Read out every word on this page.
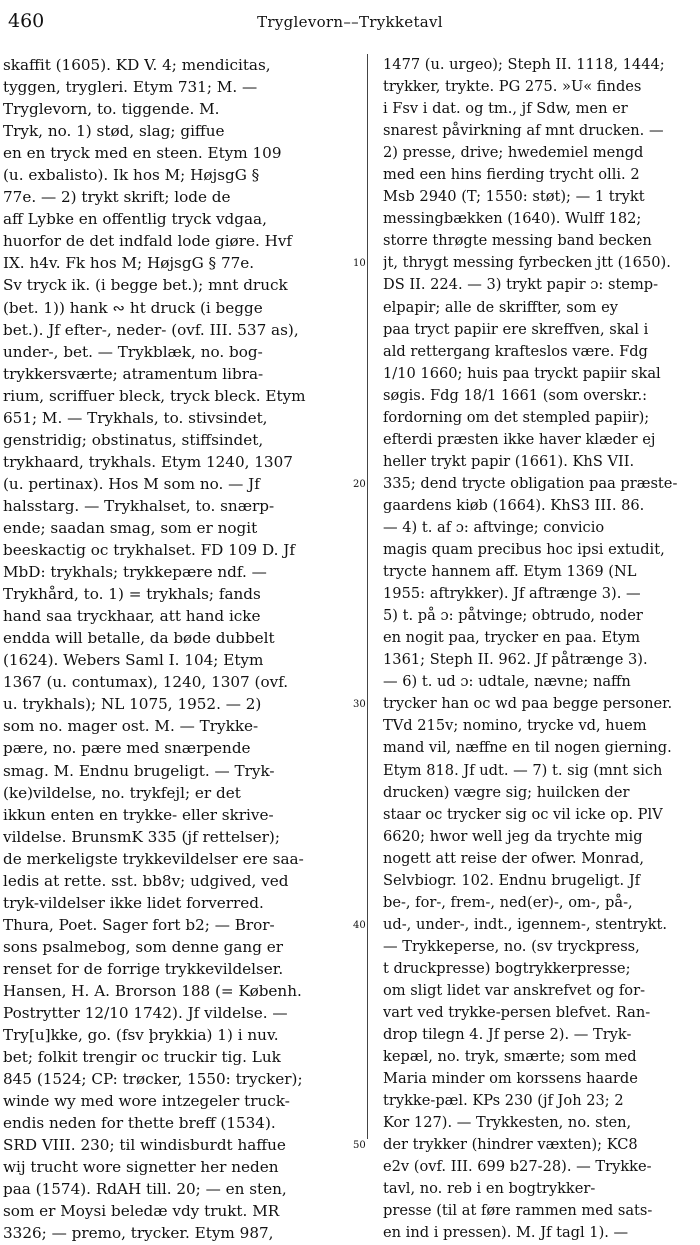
460	Tryglevorn––Trykketavl
skaffit (1605). KD V. 4; mendicitas,
tyggen, trygleri. Etym 731; M. —
Tryglevorn, to. tiggende. M.
Tryk, no. 1) stød, slag; giffue
en en tryck med en steen. Etym 109
(u. exbalisto). Ik hos M; HøjsgG §
77e. — 2) trykt skrift; lode de
aff Lybke en offentlig tryck vdgaa,
huorfor de det indfald lode giøre. Hvf
IX. h4v. Fk hos M; HøjsgG § 77e.
Sv tryck ik. (i begge bet.); mnt druck
(bet. 1)) hank ∾ ht druck (i begge
bet.). Jf efter-, neder- (ovf. III. 537 as),
under-, bet. — Trykblæk, no. bog-
trykkersværte; atramentum libra-
rium, scriffuer bleck, tryck bleck. Etym
651; M. — Trykhals, to. stivsindet,
genstridig; obstinatus, stiffsindet,
trykhaard, trykhals. Etym 1240, 1307
(u. pertinax). Hos M som no. — Jf
halsstarg. — Trykhalset, to. snærp-
ende; saadan smag, som er nogit
beeskactig oc trykhalset. FD 109 D. Jf
MbD: trykhals; trykkepære ndf. —
Trykhård, to. 1) = trykhals; fands
hand saa tryckhaar, att hand icke
endda will betalle, da bøde dubbelt
(1624). Webers Saml I. 104; Etym
1367 (u. contumax), 1240, 1307 (ovf.
u. trykhals); NL 1075, 1952. — 2)
som no. mager ost. M. — Trykke-
pære, no. pære med snærpende
smag. M. Endnu brugeligt. — Tryk-
(ke)vildelse, no. trykfejl; er det
ikkun enten en trykke- eller skrive-
vildelse. BrunsmK 335 (jf rettelser);
de merkeligste trykkevildelser ere saa-
ledis at rette. sst. bb8v; udgived, ved
tryk-vildelser ikke lidet forverred.
Thura, Poet. Sager fort b2; — Bror-
sons psalmebog, som denne gang er
renset for de forrige trykkevildelser.
Hansen, H. A. Brorson 188 (= Københ.
Postrytter 12/10 1742). Jf vildelse. —
Try[u]kke, go. (fsv þrykkia) 1) i nuv.
bet; folkit trengir oc truckir tig. Luk
845 (1524; CP: trøcker, 1550: trycker);
winde wy med wore intzegeler truck-
endis neden for thette breff (1534).
SRD VIII. 230; til windisburdt haffue
wij trucht wore signetter her neden
paa (1574). RdAH till. 20; — en sten,
som er Moysi beledæ vdy trukt. MR
3326; — premo, trycker. Etym 987,
10
20
30
40
50
1477 (u. urgeo); Steph II. 1118, 1444;
trykker, trykte. PG 275. »U« findes
i Fsv i dat. og tm., jf Sdw, men er
snarest påvirkning af mnt drucken. —
2) presse, drive; hwedemiel mengd
med een hins fierding trycht olli. 2
Msb 2940 (T; 1550: støt); — 1 trykt
messingbækken (1640). Wulff 182;
storre thrøgte messing band becken
jt, thrygt messing fyrbecken jtt (1650).
DS II. 224. — 3) trykt papir ɔ: stemp-
elpapir; alle de skriffter, som ey
paa tryct papiir ere skreffven, skal i
ald rettergang krafteslos være. Fdg
1/10 1660; huis paa tryckt papiir skal
søgis. Fdg 18/1 1661 (som overskr.:
fordorning om det stempled papiir);
efterdi præsten ikke haver klæder ej
heller trykt papir (1661). KhS VII.
335; dend trycte obligation paa præste-
gaardens kiøb (1664). KhS3 III. 86.
— 4) t. af ɔ: aftvinge; convicio
magis quam precibus hoc ipsi extudit,
trycte hannem aff. Etym 1369 (NL
1955: aftrykker). Jf aftrænge 3). —
5) t. på ɔ: påtvinge; obtrudo, noder
en nogit paa, trycker en paa. Etym
1361; Steph II. 962. Jf påtrænge 3).
— 6) t. ud ɔ: udtale, nævne; naffn
trycker han oc wd paa begge personer.
TVd 215v; nomino, trycke vd, huem
mand vil, næffne en til nogen gierning.
Etym 818. Jf udt. — 7) t. sig (mnt sich
drucken) vægre sig; huilcken der
staar oc trycker sig oc vil icke op. PlV
6620; hwor well jeg da trychte mig
nogett att reise der ofwer. Monrad,
Selvbiogr. 102. Endnu brugeligt. Jf
be-, for-, frem-, ned(er)-, om-, på-,
ud-, under-, indt., igennem-, stentrykt.
— Trykkeperse, no. (sv tryckpress,
t druckpresse) bogtrykkerpresse;
om sligt lidet var anskrefvet og for-
vart ved trykke-persen blefvet. Ran-
drop tilegn 4. Jf perse 2). — Tryk-
kepæl, no. tryk, smærte; som med
Maria minder om korssens haarde
trykke-pæl. KPs 230 (jf Joh 23; 2
Kor 127). — Trykkesten, no. sten,
der trykker (hindrer væxten); KC8
e2v (ovf. III. 699 b27-28). — Trykke-
tavl, no. reb i en bogtrykker-
presse (til at føre rammen med sats-
en ind i pressen). M. Jf tagl 1). —
